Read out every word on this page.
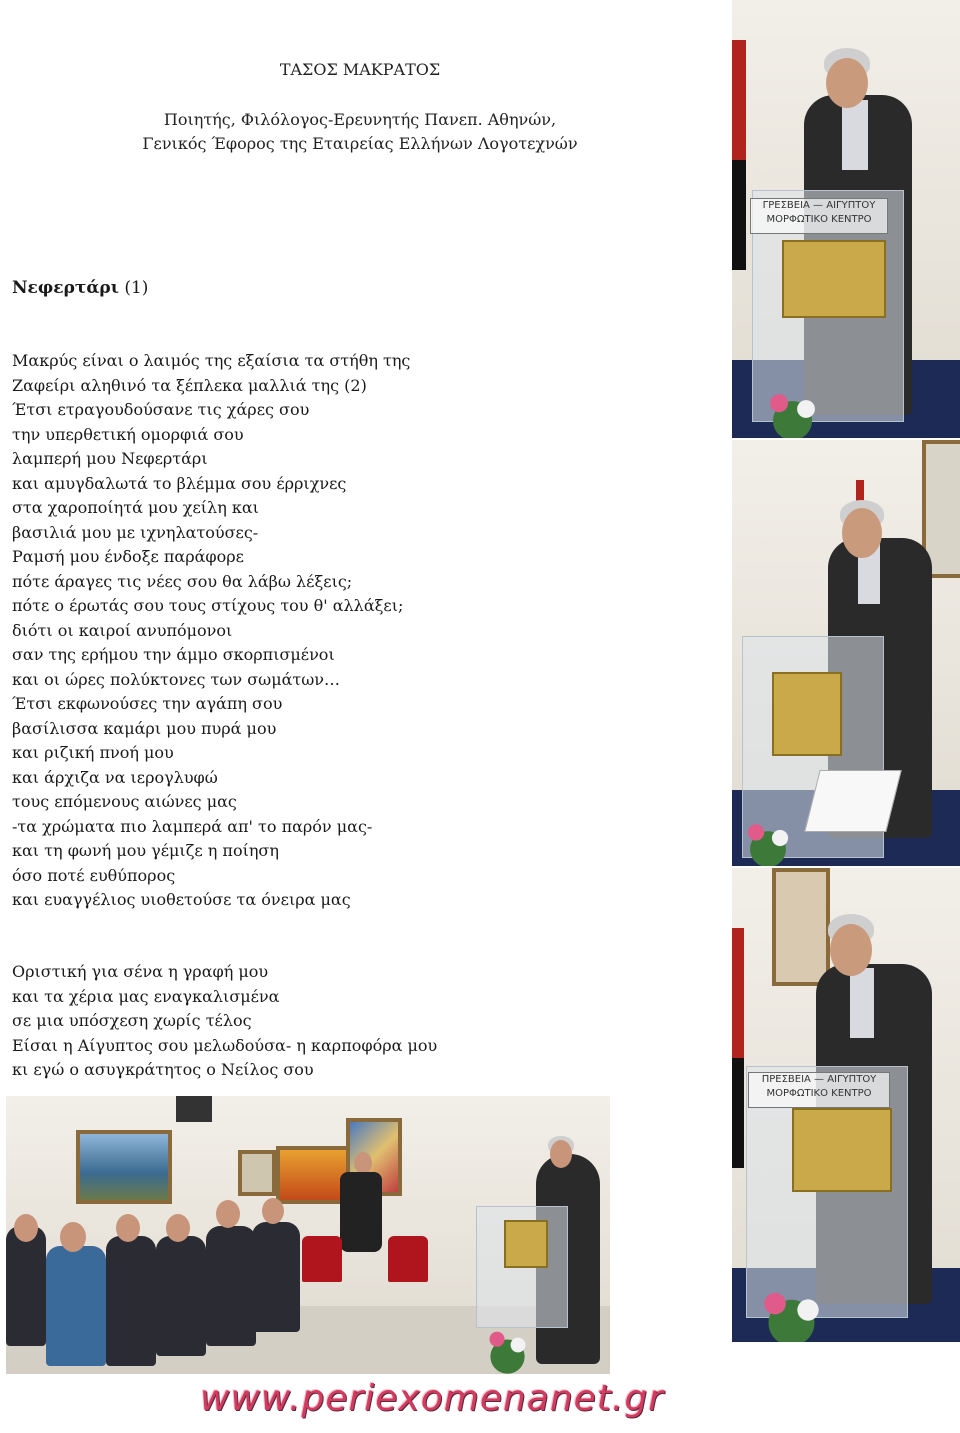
ΤΑΣΟΣ ΜΑΚΡΑΤΟΣ
Ποιητής, Φιλόλογος-Ερευνητής Πανεπ. Αθηνών,
Γενικός Έφορος της Εταιρείας Ελλήνων Λογοτεχνών
Νεφερτάρι (1)
Μακρύς είναι ο λαιμός της εξαίσια τα στήθη της
Ζαφείρι αληθινό τα ξέπλεκα μαλλιά της (2)
Έτσι ετραγουδούσανε τις χάρες σου
την υπερθετική ομορφιά σου
λαμπερή μου Νεφερτάρι
και αμυγδαλωτά το βλέμμα σου έρριχνες
στα χαροποίητά μου χείλη και
βασιλιά μου με ιχνηλατούσες-
Ραμσή μου ένδοξε παράφορε
πότε άραγες τις νέες σου θα λάβω λέξεις;
πότε ο έρωτάς σου τους στίχους του θ' αλλάξει;
διότι οι καιροί ανυπόμονοι
σαν της ερήμου την άμμο σκορπισμένοι
και οι ώρες πολύκτονες των σωμάτων…
Έτσι εκφωνούσες την αγάπη σου
βασίλισσα καμάρι μου πυρά μου
και ριζική πνοή μου
και άρχιζα να ιερογλυφώ
τους επόμενους αιώνες μας
-τα χρώματα πιο λαμπερά απ' το παρόν μας-
και τη φωνή μου γέμιζε η ποίηση
όσο ποτέ ευθύπορος
και ευαγγέλιος υιοθετούσε τα όνειρα μας
Οριστική για σένα η γραφή μου
και τα χέρια μας εναγκαλισμένα
σε μια υπόσχεση χωρίς τέλος
Είσαι η Αίγυπτος σου μελωδούσα- η καρποφόρα μου
κι εγώ ο ασυγκράτητος ο Νείλος σου
ΓΡΕΣΒΕΙΑ — ΑΙΓΥΠΤΟΥ
ΜΟΡΦΩΤΙΚΟ ΚΕΝΤΡΟ
ΠΡΕΣΒΕΙΑ — ΑΙΓΥΠΤΟΥ
ΜΟΡΦΩΤΙΚΟ ΚΕΝΤΡΟ
www.periexomenanet.gr
